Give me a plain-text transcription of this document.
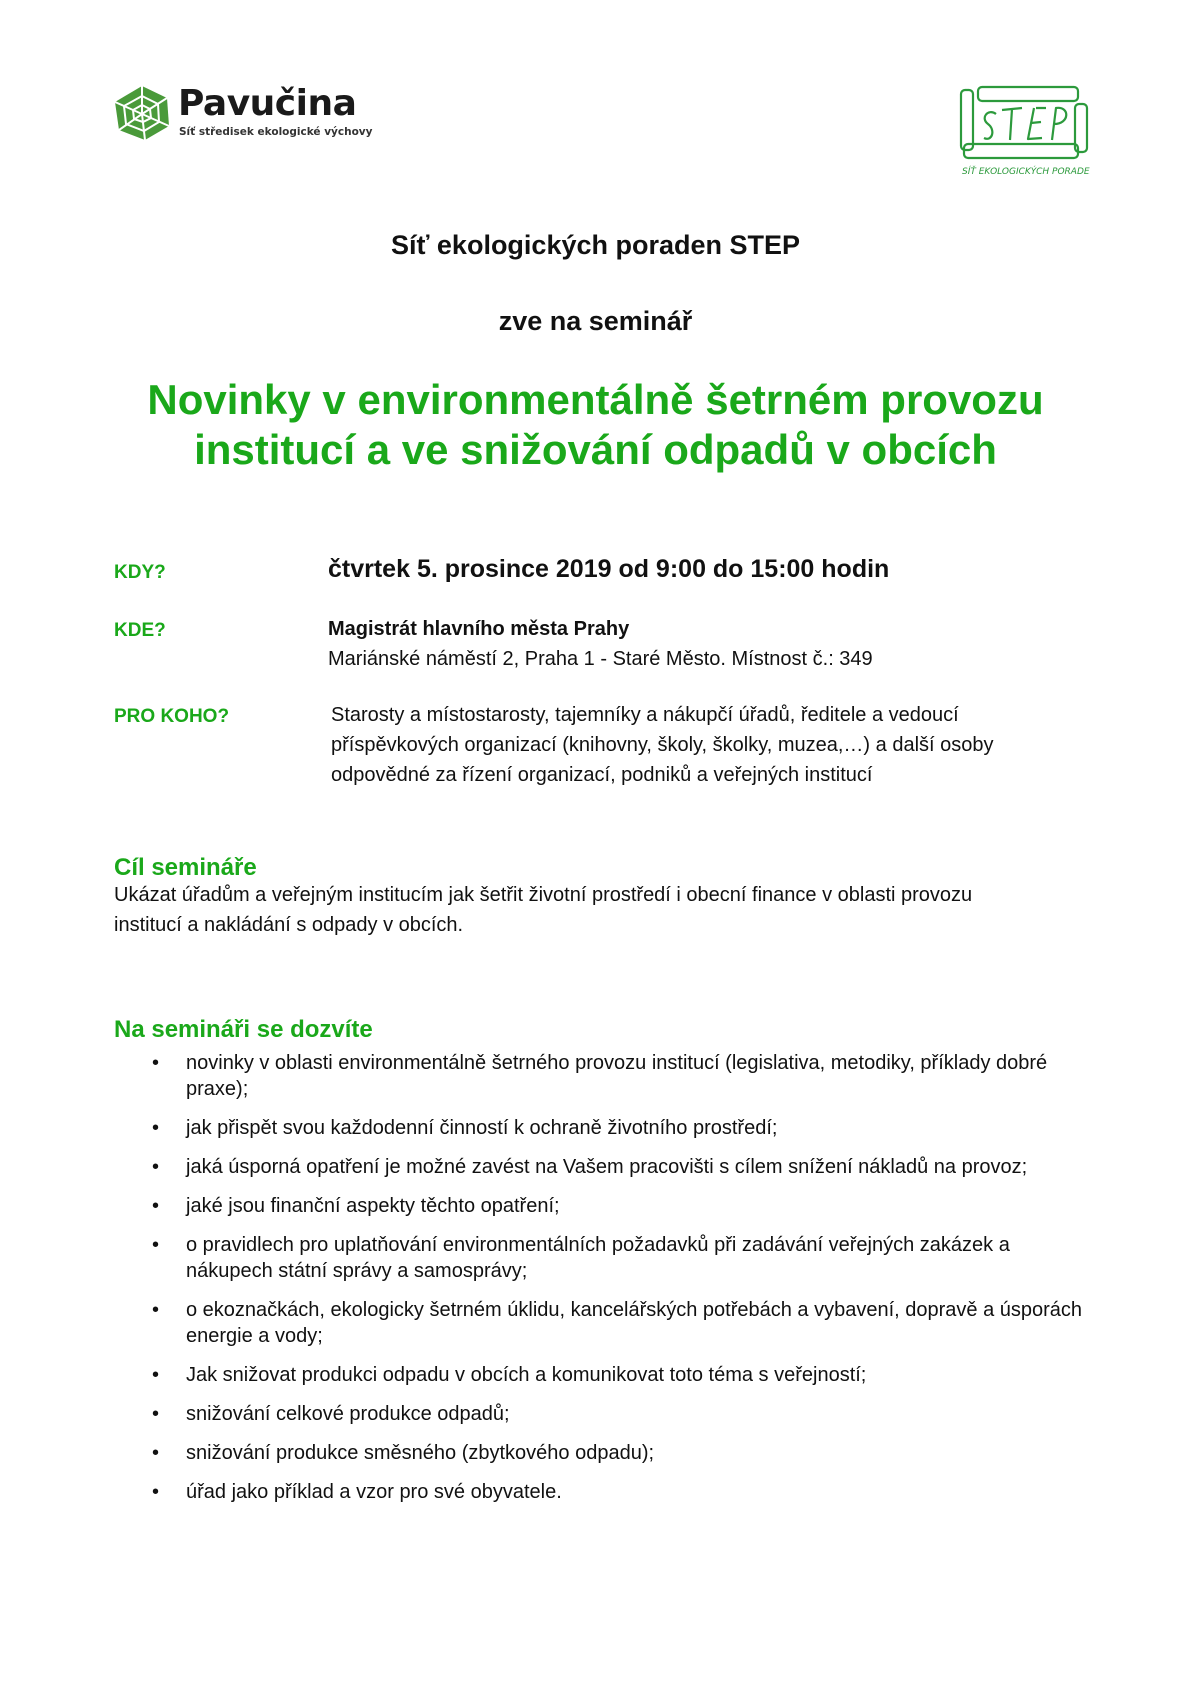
Pavučina
Síť středisek ekologické výchovy
SÍŤ EKOLOGICKÝCH PORADEN
Síť ekologických poraden STEP
zve na seminář
Novinky v environmentálně šetrném provozu
institucí a ve snižování odpadů v obcích
KDY?	čtvrtek 5. prosince 2019 od 9:00 do 15:00 hodin
KDE?	Magistrát hlavního města Prahy
Mariánské náměstí 2, Praha 1 - Staré Město. Místnost č.: 349
PRO KOHO?	Starosty a místostarosty, tajemníky a nákupčí úřadů, ředitele a vedoucí
příspěvkových organizací (knihovny, školy, školky, muzea,…) a další osoby
odpovědné za řízení organizací, podniků a veřejných institucí
Cíl semináře
Ukázat úřadům a veřejným institucím jak šetřit životní prostředí i obecní finance v oblasti provozu
institucí a nakládání s odpady v obcích.
Na semináři se dozvíte
• novinky v oblasti environmentálně šetrného provozu institucí (legislativa, metodiky, příklady dobré praxe);
• jak přispět svou každodenní činností k ochraně životního prostředí;
• jaká úsporná opatření je možné zavést na Vašem pracovišti s cílem snížení nákladů na provoz;
• jaké jsou finanční aspekty těchto opatření;
• o pravidlech pro uplatňování environmentálních požadavků při zadávání veřejných zakázek a nákupech státní správy a samosprávy;
• o ekoznačkách, ekologicky šetrném úklidu, kancelářských potřebách a vybavení, dopravě a úsporách energie a vody;
• Jak snižovat produkci odpadu v obcích a komunikovat toto téma s veřejností;
• snižování celkové produkce odpadů;
• snižování produkce směsného (zbytkového odpadu);
• úřad jako příklad a vzor pro své obyvatele.
